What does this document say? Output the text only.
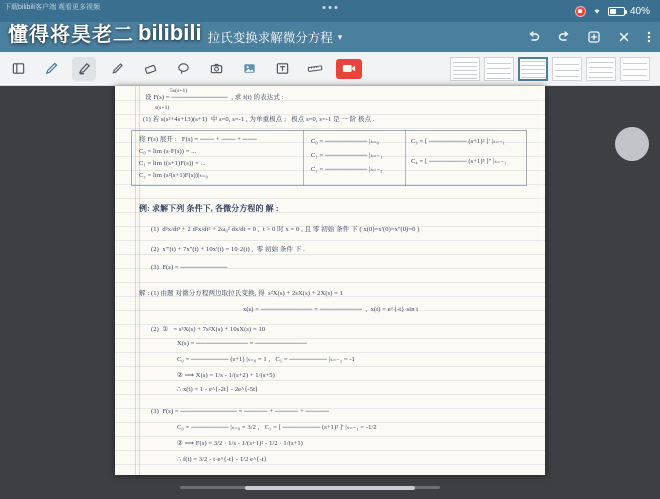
40%
拉氏变换求解微分方程 ▾
设 F(s) = ────────────  , 求 f(t) 的表达式 :
5s(s+1)
s(s+1)
(1) 若 s(s²+4s+13)(s+1)  中 s=0, s=-1 , 为单重极点 ;   极点 s=0, s=-1 是 一 阶 极点 .
将 F(s) 展开 :   F(s) = ─── + ─── + ───
C₀ = lim (s·F(s)) = ...
C₁ = lim ((s+1)F(s)) = ...
C₂ = lim (s²(s+1)F(s))|ₛ₌₀
C₀ = ───────── |ₛ₌₀
C₁ = ───────── |ₛ₌₋₁
C₂ = ───────── |ₛ₌₋₂
C₃ = [ ──────── (s+1)² ]' |ₛ₌₋₁
C₄ = [ ──────── (s+1)³ ]'' |ₛ₌₋₁
例: 求解下列 条件下, 各微分方程的 解 :
(1)  d³x/dt³ + 2 d²x/dt² + 2ω₀² dx/dt = 0 ,  t > 0 时 x = 0 , 且 零 初始 条件 下 ( x(0)=x'(0)=x''(0)=0 )
(2)  x'''(t) + 7x''(t) + 10x'(t) = 10·2(t) ,  零 初始 条件 下 .
(3)  F(s) = ──────────
解 : (1) 由题 对微分方程两边取拉氏变换, 得  s²X(s) + 2sX(s) + 2X(s) = 1
x(s) = ─────────── = ─────────  ,  x(t) = e^{-t}·sin t
(2)  ①   = s³X(s) + 7s²X(s) + 10sX(s) = 10
X(s) = ─────────── = ───────────
C₀ = ──────── (s+1) |ₛ₌₀ = 1 ,   C₁ = ──────── |ₛ₌₋₂ = -1
② ⟹ X(s) = 1/s - 1/(s+2) + 1/(s+5)
∴ x(t) = 1 - e^{-2t} - 2e^{-5t}
(3)  F(s) = ──────────── = ───── + ───── + ─────
C₀ = ──────── |ₛ₌₀ = 3/2 ,   C₁ = [ ──────── (s+1)² ]' |ₛ₌₋₁ = -1/2
② ⟹ F(s) = 3/2 · 1/s - 1/(s+1)² - 1/2 · 1/(s+1)
∴ f(t) = 3/2 - t·e^{-t} - 1/2 e^{-t}
下载bilibili客户端 观看更多视频
懂得将昊老二 bilibili
